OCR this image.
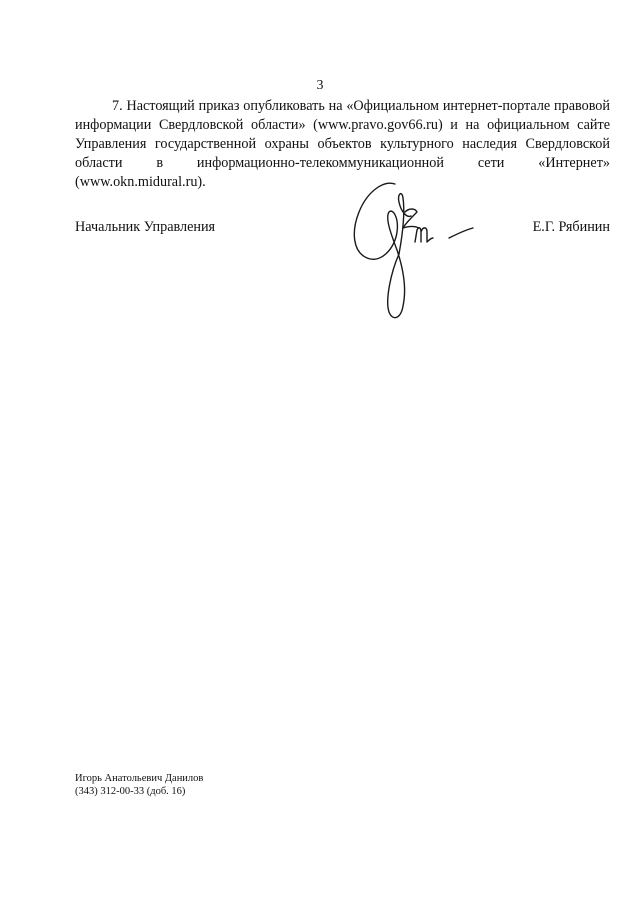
3

7. Настоящий приказ опубликовать на «Официальном интернет-портале правовой информации Свердловской области» (www.pravo.gov66.ru) и на официальном сайте Управления государственной охраны объектов культурного наследия Свердловской области в информационно-телекоммуникационной сети «Интернет» (www.okn.midural.ru).

Начальник Управления	Е.Г. Рябинин
Игорь Анатольевич Данилов
(343) 312-00-33 (доб. 16)
